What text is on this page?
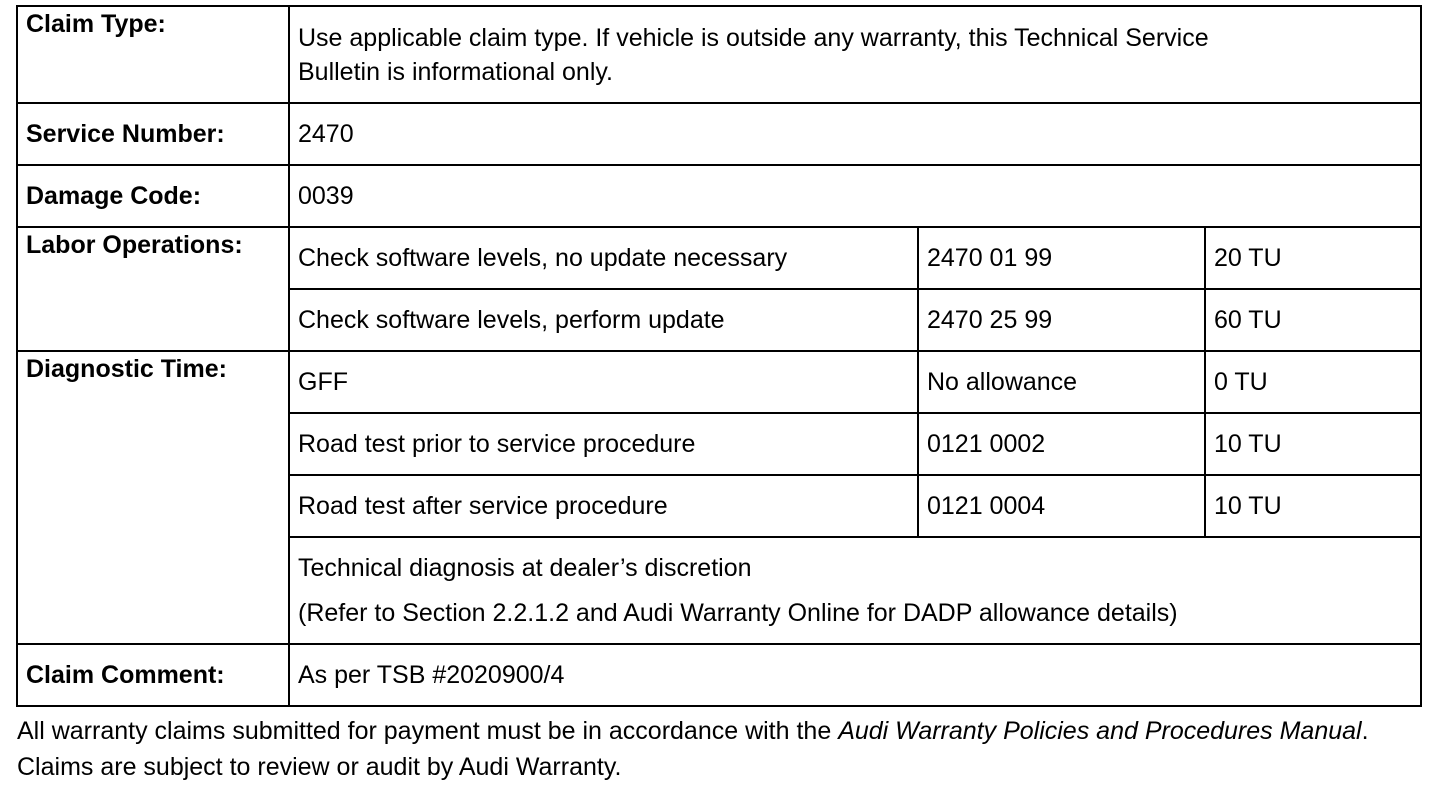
Claim Type:	Use applicable claim type. If vehicle is outside any warranty, this Technical Service
Bulletin is informational only.		
Service Number:	2470		
Damage Code:	0039		
Labor Operations:	Check software levels, no update necessary	2470 01 99	20 TU
	Check software levels, perform update	2470 25 99	60 TU
Diagnostic Time:	GFF	No allowance	0 TU
	Road test prior to service procedure	0121 0002	10 TU
	Road test after service procedure	0121 0004	10 TU

	Technical diagnosis at dealer’s discretion
(Refer to Section 2.2.1.2 and Audi Warranty Online for DADP allowance details)		

Claim Comment:	As per TSB #2020900/4		

All warranty claims submitted for payment must be in accordance with the Audi Warranty Policies and Procedures Manual. Claims are subject to review or audit by Audi Warranty.
